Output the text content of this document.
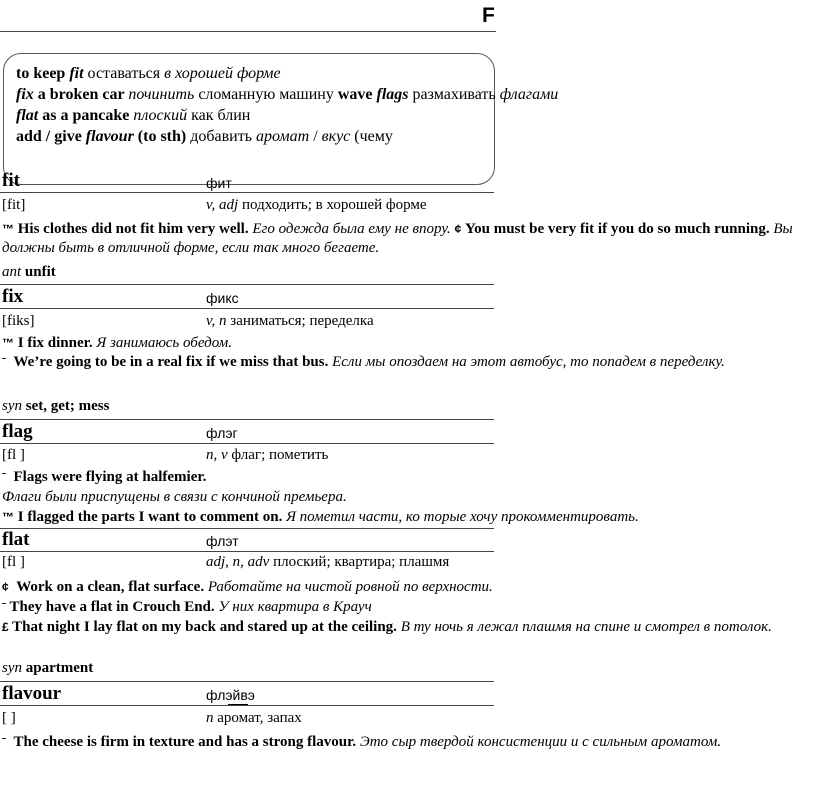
F
to keep fit оставаться в хорошей форме
fix a broken car починить сломанную машину wave flags размахивать флагами
flat as a pancake плоский как блин
add / give flavour (to sth) добавить аромат / вкус (чему
fit	фит
[fit]	v, adj подходить; в хорошей форме
™ His clothes did not fit him very well. Его одежда была ему не впору. ¢ You must be very fit if you do so much running. Вы должны быть в отличной форме, если так много бегаете.
ant unfit
fix	фикс
[fiks]	v, n заниматься; переделка
™ I fix dinner. Я занимаюсь обедом.
ˉ We’re going to be in a real fix if we miss that bus. Если мы опоздаем на этот автобус, то попадем в переделку.
syn set, get; mess
flag	флэг
[fl ]	n, v флаг; пометить
ˉ Flags were flying at halfemier.
Флаги были приспущены в связи с кончиной премьера.
™ I flagged the parts I want to comment on. Я пометил части, ко торые хочу прокомментировать.
flat	флэт
[fl ]	adj, n, adv плоский; квартира; плашмя
¢ Work on a clean, flat surface. Работайте на чистой ровной по верхности.
ˉ They have a flat in Crouch End. У них квартира в Крауч
£ That night I lay flat on my back and stared up at the ceiling. В ту ночь я лежал плашмя на спине и смотрел в потолок.
syn apartment
flavour	флэйвэ
[ ]	n аромат, запах
ˉ The cheese is firm in texture and has a strong flavour. Это сыр твердой консистенции и с сильным ароматом.
